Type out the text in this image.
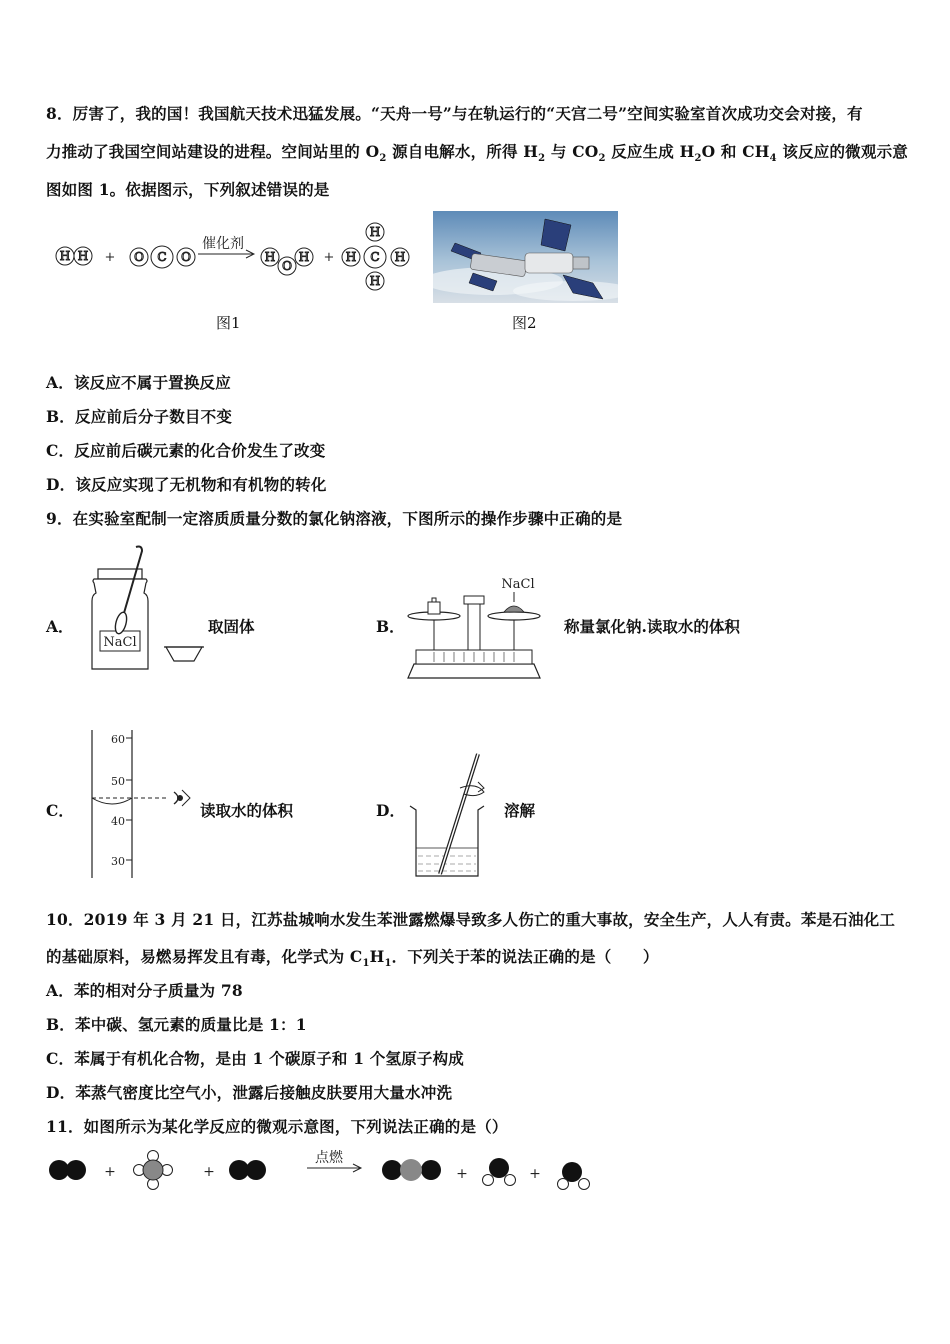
8．厉害了，我的国！我国航天技术迅猛发展。“天舟一号”与在轨运行的“天宫二号”空间实验室首次成功交会对接，有
力推动了我国空间站建设的进程。空间站里的 $O_2$ 源自电解水，所得 $H_2$ 与 $CO_2$ 反应生成 $H_2O$ 和 $CH_4$ 该反应的微观示意
图如图 1。依据图示，下列叙述错误的是
H H	O C O	H
O
H
H
H C H
H
+	+
催化剂
图1	图2
A．该反应不属于置换反应
B．反应前后分子数目不变
C．反应前后碳元素的化合价发生了改变
D．该反应实现了无机物和有机物的转化
9．在实验室配制一定溶质质量分数的氯化钠溶液，下图所示的操作步骤中正确的是
A．
NaCl
取固体	B．
NaCl
称量氯化钠.读取水的体积
C．
60
50
40
30
读取水的体积	D．	溶解
10．2019 年 3 月 21 日，江苏盐城响水发生苯泄露燃爆导致多人伤亡的重大事故，安全生产，人人有责。苯是石油化工
的基础原料，易燃易挥发且有毒，化学式为 $C_1H_1$．下列关于苯的说法正确的是（　　）
A．苯的相对分子质量为 78
B．苯中碳、氢元素的质量比是 1：1
C．苯属于有机化合物，是由 1 个碳原子和 1 个氢原子构成
D．苯蒸气密度比空气小，泄露后接触皮肤要用大量水冲洗
11．如图所示为某化学反应的微观示意图，下列说法正确的是（）
+	+
点燃
+	+
